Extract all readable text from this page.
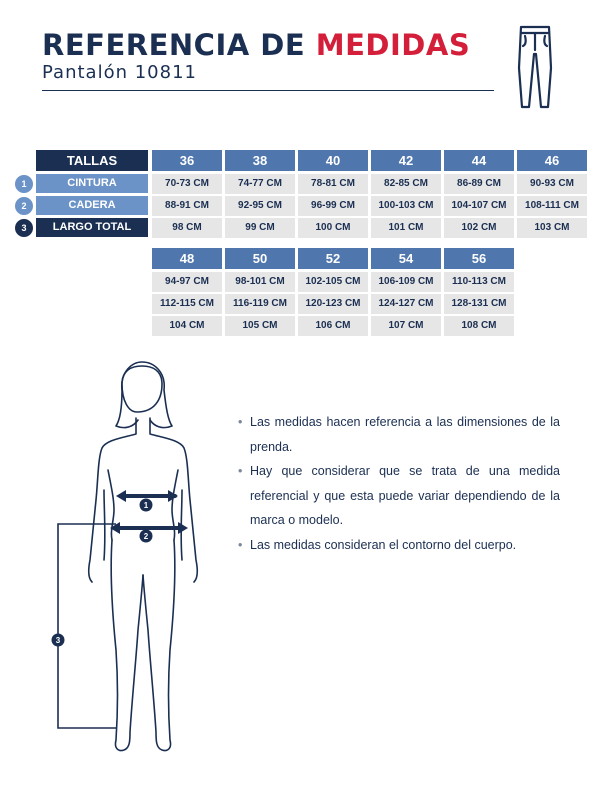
REFERENCIA DE MEDIDAS
Pantalón 10811
TALLAS
CINTURA
1
CADERA
2
LARGO TOTAL
3
36
70-73 CM
88-91 CM
98 CM
38
74-77 CM
92-95 CM
99 CM
40
78-81 CM
96-99 CM
100 CM
42
82-85 CM
100-103 CM
101 CM
44
86-89 CM
104-107 CM
102 CM
46
90-93 CM
108-111 CM
103 CM
48
94-97 CM
112-115 CM
104 CM
50
98-101 CM
116-119 CM
105 CM
52
102-105 CM
120-123 CM
106 CM
54
106-109 CM
124-127 CM
107 CM
56
110-113 CM
128-131 CM
108 CM
1
2
3
• Las medidas hacen referencia a las dimensiones de la prenda.
• Hay que considerar que se trata de una medida referencial y que esta puede variar dependiendo de la marca o modelo.
• Las medidas consideran el contorno del cuerpo.
